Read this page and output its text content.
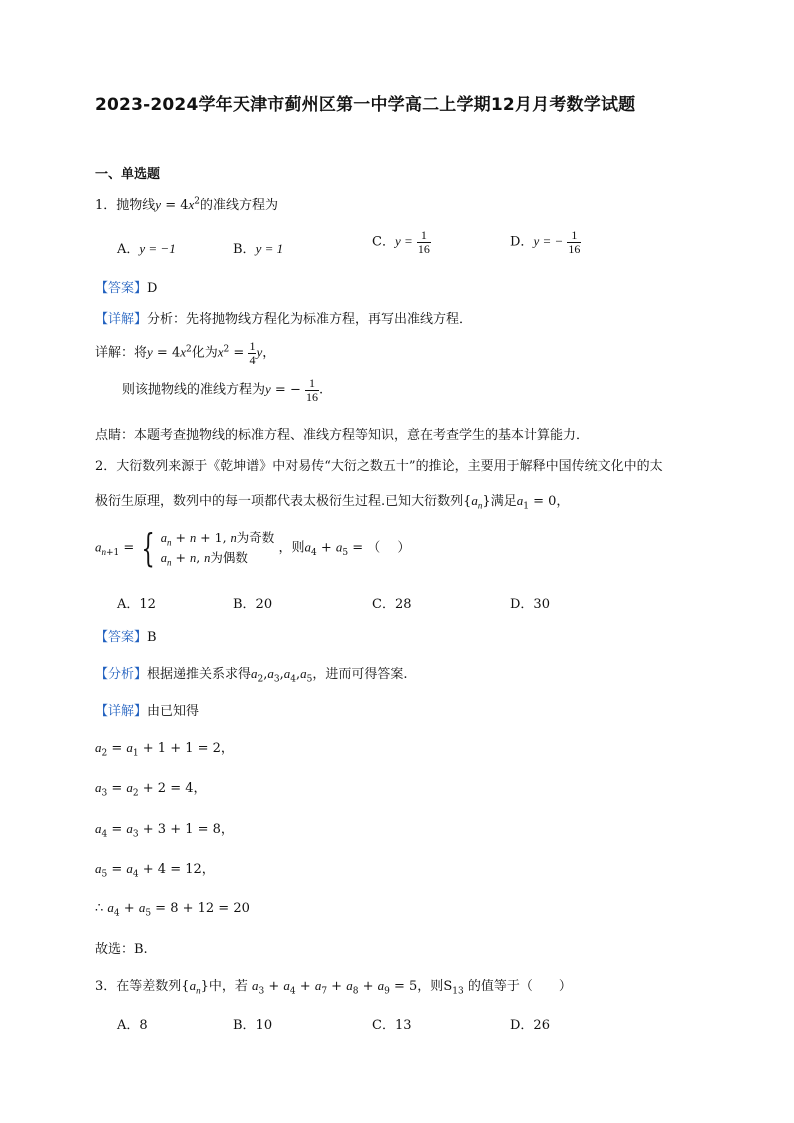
2023-2024学年天津市蓟州区第一中学高二上学期12月月考数学试题
一、单选题
1．抛物线$y = 4x^2$的准线方程为
A．y = −1	B．y = 1	C．$y = \frac{1}{16}$	D．y = − $\frac{1}{16}$
【答案】D
【详解】分析：先将抛物线方程化为标准方程，再写出准线方程．
详解：将$y = 4x^2$化为$x^2 = \frac{1}{4}$ y，
则该抛物线的准线方程为y = − $\frac{1}{16}$ .
点睛：本题考查抛物线的标准方程、准线方程等知识，意在考查学生的基本计算能力．
2．大衍数列来源于《乾坤谱》中对易传“大衍之数五十”的推论，主要用于解释中国传统文化中的太
极衍生原理，数列中的每一项都代表太极衍生过程.已知大衍数列$\{a_n\}$满足$a_1 = 0$，
$a_{n+1}$ = { $a_n + n + 1$, n为奇数
$a_n + n$, n为偶数
，则$a_4 + a_5$ = （　 ）
A．12	B．20	C．28	D．30
【答案】B
【分析】根据递推关系求得$a_2,a_3,a_4,a_5$，进而可得答案.
【详解】由已知得
$a_2 = a_1 + 1 + 1 = 2$，
$a_3 = a_2 + 2 = 4$，
$a_4 = a_3 + 3 + 1 = 8$，
$a_5 = a_4 + 4 = 12$，
∴ $a_4 + a_5 = 8 + 12 = 20$
故选：B.
3．在等差数列$\{a_n\}$中，若 $a_3 + a_4 + a_7 + a_8 + a_9 = 5$，则$S_{13}$ 的值等于（　　）
A．8	B．10	C．13	D．26
